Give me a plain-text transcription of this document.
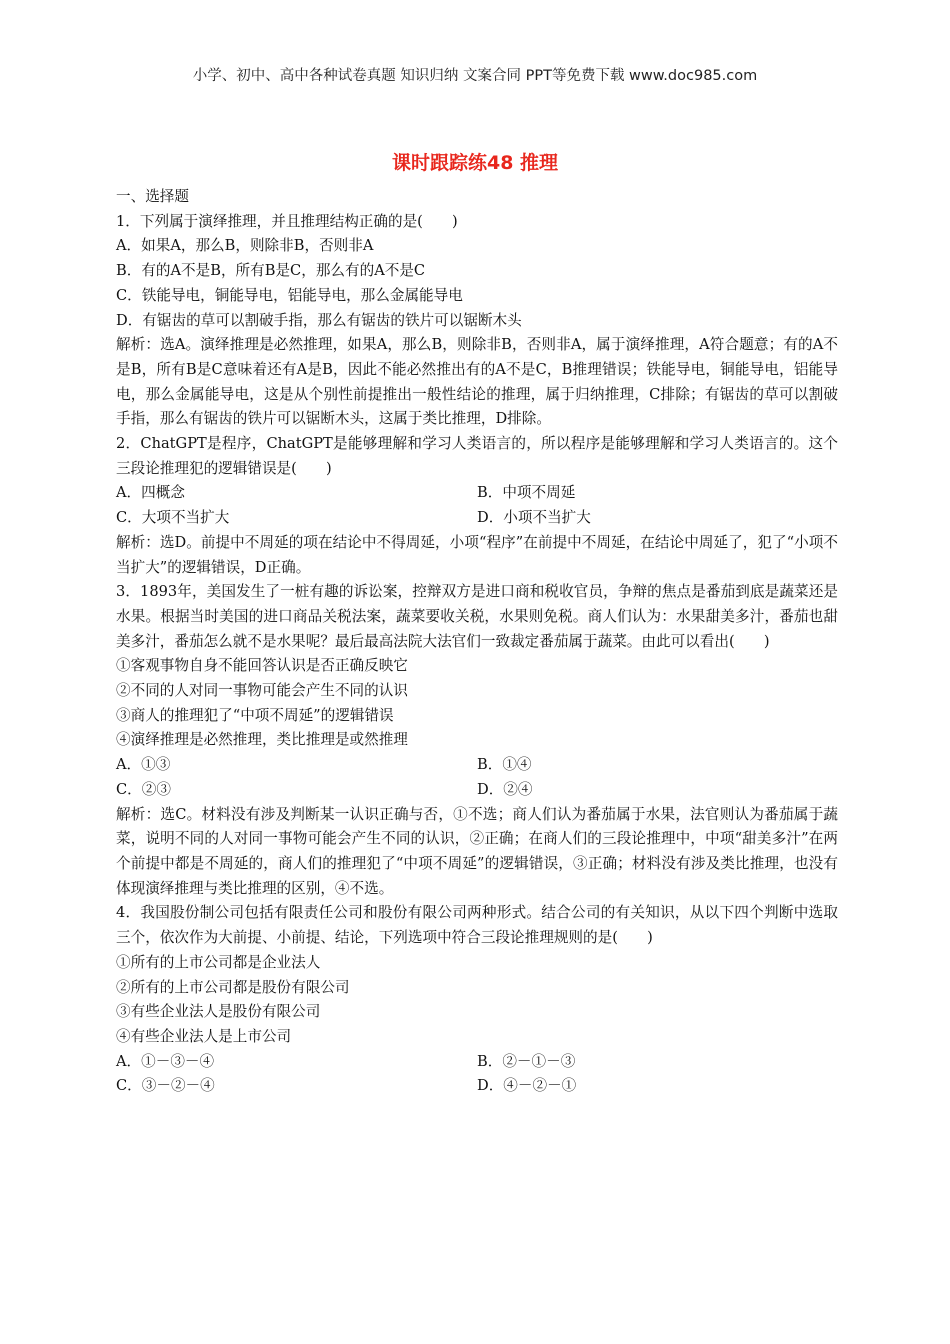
小学、初中、高中各种试卷真题 知识归纳 文案合同 PPT等免费下载 www.doc985.com
课时跟踪练48 推理
一、选择题
1．下列属于演绎推理，并且推理结构正确的是(　　)
A．如果A，那么B，则除非B，否则非A
B．有的A不是B，所有B是C，那么有的A不是C
C．铁能导电，铜能导电，铝能导电，那么金属能导电
D．有锯齿的草可以割破手指，那么有锯齿的铁片可以锯断木头
解析：选A。演绎推理是必然推理，如果A，那么B，则除非B，否则非A，属于演绎推理，A符合题意；有的A不是B，所有B是C意味着还有A是B，因此不能必然推出有的A不是C，B推理错误；铁能导电，铜能导电，铝能导电，那么金属能导电，这是从个别性前提推出一般性结论的推理，属于归纳推理，C排除；有锯齿的草可以割破手指，那么有锯齿的铁片可以锯断木头，这属于类比推理，D排除。
2．ChatGPT是程序，ChatGPT是能够理解和学习人类语言的，所以程序是能够理解和学习人类语言的。这个三段论推理犯的逻辑错误是(　　)
A．四概念	B．中项不周延
C．大项不当扩大	D．小项不当扩大
解析：选D。前提中不周延的项在结论中不得周延，小项“程序”在前提中不周延，在结论中周延了，犯了“小项不当扩大”的逻辑错误，D正确。
3．1893年，美国发生了一桩有趣的诉讼案，控辩双方是进口商和税收官员，争辩的焦点是番茄到底是蔬菜还是水果。根据当时美国的进口商品关税法案，蔬菜要收关税，水果则免税。商人们认为：水果甜美多汁，番茄也甜美多汁，番茄怎么就不是水果呢？最后最高法院大法官们一致裁定番茄属于蔬菜。由此可以看出(　　)
①客观事物自身不能回答认识是否正确反映它
②不同的人对同一事物可能会产生不同的认识
③商人的推理犯了“中项不周延”的逻辑错误
④演绎推理是必然推理，类比推理是或然推理
A．①③	B．①④
C．②③	D．②④
解析：选C。材料没有涉及判断某一认识正确与否，①不选；商人们认为番茄属于水果，法官则认为番茄属于蔬菜，说明不同的人对同一事物可能会产生不同的认识，②正确；在商人们的三段论推理中，中项“甜美多汁”在两个前提中都是不周延的，商人们的推理犯了“中项不周延”的逻辑错误，③正确；材料没有涉及类比推理，也没有体现演绎推理与类比推理的区别，④不选。
4．我国股份制公司包括有限责任公司和股份有限公司两种形式。结合公司的有关知识，从以下四个判断中选取三个，依次作为大前提、小前提、结论，下列选项中符合三段论推理规则的是(　　)
①所有的上市公司都是企业法人
②所有的上市公司都是股份有限公司
③有些企业法人是股份有限公司
④有些企业法人是上市公司
A．①－③－④	B．②－①－③
C．③－②－④	D．④－②－①
